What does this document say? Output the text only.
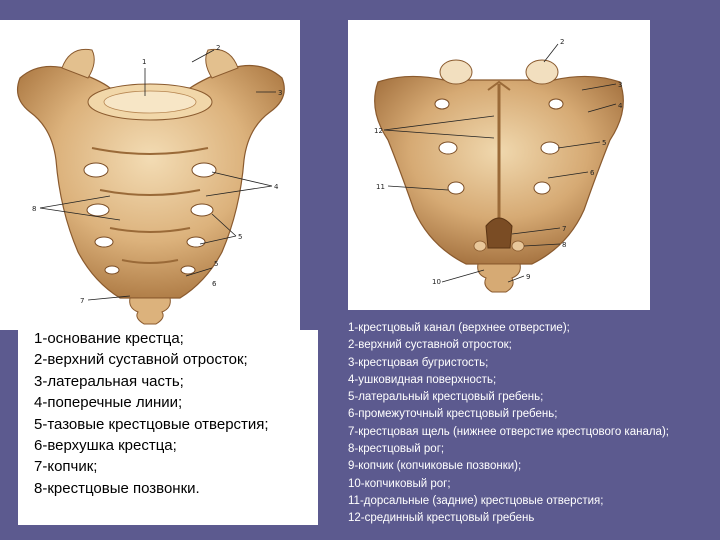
1
2
3
4
5
5
6
7
8
2
3
4
5
6
7
8
9
10
11
12
1-основание крестца;
2-верхний суставной отросток;
3-латеральная часть;
4-поперечные линии;
5-тазовые крестцовые отверстия;
6-верхушка крестца;
7-копчик;
8-крестцовые позвонки.
1-крестцовый канал (верхнее отверстие);
2-верхний суставной отросток;
3-крестцовая бугристость;
4-ушковидная поверхность;
5-латеральный крестцовый гребень;
6-промежуточный крестцовый гребень;
7-крестцовая щель (нижнее отверстие крестцового канала);
8-крестцовый рог;
9-копчик (копчиковые позвонки);
10-копчиковый рог;
11-дорсальные (задние) крестцовые отверстия;
12-срединный крестцовый гребень
